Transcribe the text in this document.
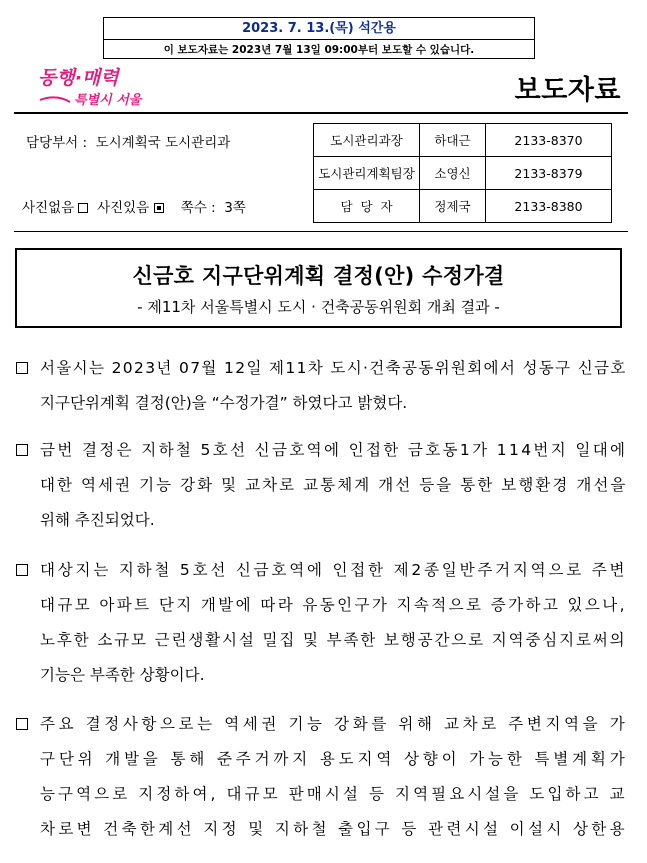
2023. 7. 13.(목) 석간용
이 보도자료는 2023년 7월 13일 09:00부터 보도할 수 있습니다.
동행·매력
특별시 서울	보도자료
담당부서 :  도시계획국 도시관리과
사진없음 사진있음 쪽수 :  3쪽
도시관리과장	하대근	2133-8370
도시관리계획팀장	소영신	2133-8379
담  당  자	정제국	2133-8380
신금호 지구단위계획 결정(안) 수정가결
- 제11차 서울특별시 도시 · 건축공동위원회 개최 결과 -
서울시는 2023년 07월 12일 제11차 도시·건축공동위원회에서 성동구 신금호
지구단위계획 결정(안)을 “수정가결” 하였다고 밝혔다.
금번 결정은 지하철 5호선 신금호역에 인접한 금호동1가 114번지 일대에
대한 역세권 기능 강화 및 교차로 교통체계 개선 등을 통한 보행환경 개선을
위해 추진되었다.
대상지는 지하철 5호선 신금호역에 인접한 제2종일반주거지역으로 주변
대규모 아파트 단지 개발에 따라 유동인구가 지속적으로 증가하고 있으나,
노후한 소규모 근린생활시설 밀집 및 부족한 보행공간으로 지역중심지로써의
기능은 부족한 상황이다.
주요 결정사항으로는 역세권 기능 강화를 위해 교차로 주변지역을 가
구단위 개발을 통해 준주거까지 용도지역 상향이 가능한 특별계획가
능구역으로 지정하여, 대규모 판매시설 등 지역필요시설을 도입하고 교
차로변 건축한계선 지정 및 지하철 출입구 등 관련시설 이설시 상한용
